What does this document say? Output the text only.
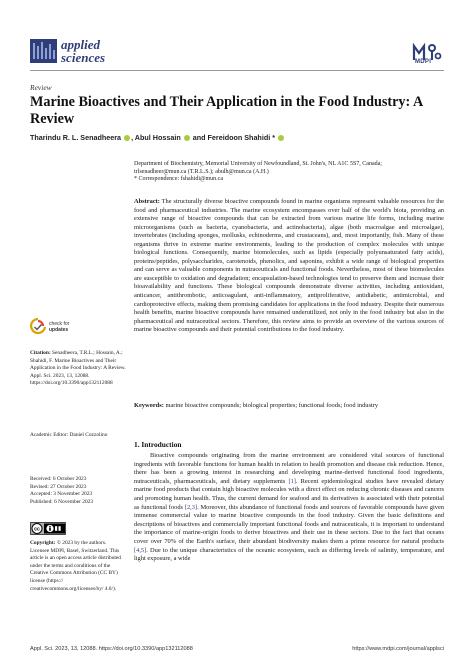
applied
sciences	MDPI
Review
Marine Bioactives and Their Application in the Food Industry: A Review
Tharindu R. L. Senadheera , Abul Hossain  and Fereidoon Shahidi *
Department of Biochemistry, Memorial University of Newfoundland, St. John's, NL A1C 5S7, Canada;
trlsenadheer@mun.ca (T.R.L.S.); abulh@mun.ca (A.H.)
* Correspondence: fshahidi@mun.ca

Abstract: The structurally diverse bioactive compounds found in marine organisms represent valuable resources for the food and pharmaceutical industries. The marine ecosystem encompasses over half of the world's biota, providing an extensive range of bioactive compounds that can be extracted from various marine life forms, including marine microorganisms (such as bacteria, cyanobacteria, and actinobacteria), algae (both macroalgae and microalgae), invertebrates (including sponges, mollusks, echinoderms, and crustaceans), and, most importantly, fish. Many of these organisms thrive in extreme marine environments, leading to the production of complex molecules with unique biological functions. Consequently, marine biomolecules, such as lipids (especially polyunsaturated fatty acids), proteins/peptides, polysaccharides, carotenoids, phenolics, and saponins, exhibit a wide range of biological properties and can serve as valuable components in nutraceuticals and functional foods. Nevertheless, most of these biomolecules are susceptible to oxidation and degradation; encapsulation-based technologies tend to preserve them and increase their bioavailability and functions. These biological compounds demonstrate diverse activities, including antioxidant, anticancer, antithrombotic, anticoagulant, anti-inflammatory, antiproliferative, antidiabetic, antimicrobial, and cardioprotective effects, making them promising candidates for applications in the food industry. Despite their numerous health benefits, marine bioactive compounds have remained underutilized, not only in the food industry but also in the pharmaceutical and nutraceutical sectors. Therefore, this review aims to provide an overview of the various sources of marine bioactive compounds and their potential contributions to the food industry.

Keywords: marine bioactive compounds; biological properties; functional foods; food industry

check for
updates

Citation: Senadheera, T.R.L.; Hossain, A.; Shahidi, F. Marine Bioactives and Their Application in the Food Industry: A Review. Appl. Sci. 2023, 13, 12088. https://doi.org/10.3390/app132112088

Academic Editor: Daniel Cozzolino

Received: 6 October 2023
Revised: 27 October 2023
Accepted: 3 November 2023
Published: 6 November 2023
cc

Copyright: © 2023 by the authors. Licensee MDPI, Basel, Switzerland. This article is an open access article distributed under the terms and conditions of the Creative Commons Attribution (CC BY) license (https:// creativecommons.org/licenses/by/ 4.0/).

1. Introduction

Bioactive compounds originating from the marine environment are considered vital sources of functional ingredients with favorable functions for human health in relation to health promotion and disease risk reduction. Hence, there has been a growing interest in researching and developing marine-derived functional food ingredients, nutraceuticals, pharmaceuticals, and dietary supplements [1]. Recent epidemiological studies have revealed dietary marine food products that contain high bioactive molecules with a direct effect on reducing chronic diseases and cancers and promoting human health. Thus, the current demand for seafood and its derivatives is associated with their potential as functional foods [2,3]. Moreover, this abundance of functional foods and sources of favorable compounds have given immense commercial value to marine bioactive compounds in the food industry. Given the basic definitions and descriptions of bioactives and commercially important functional foods and nutraceuticals, it is important to understand the importance of marine-origin foods to derive bioactives and their use in these sectors. Due to the fact that oceans cover over 70% of the Earth's surface, their abundant biodiversity makes them a prime resource for natural products [4,5]. Due to the unique characteristics of the oceanic ecosystem, such as differing levels of salinity, temperature, and light exposure, a wide

Appl. Sci. 2023, 13, 12088. https://doi.org/10.3390/app132112088	https://www.mdpi.com/journal/applsci
